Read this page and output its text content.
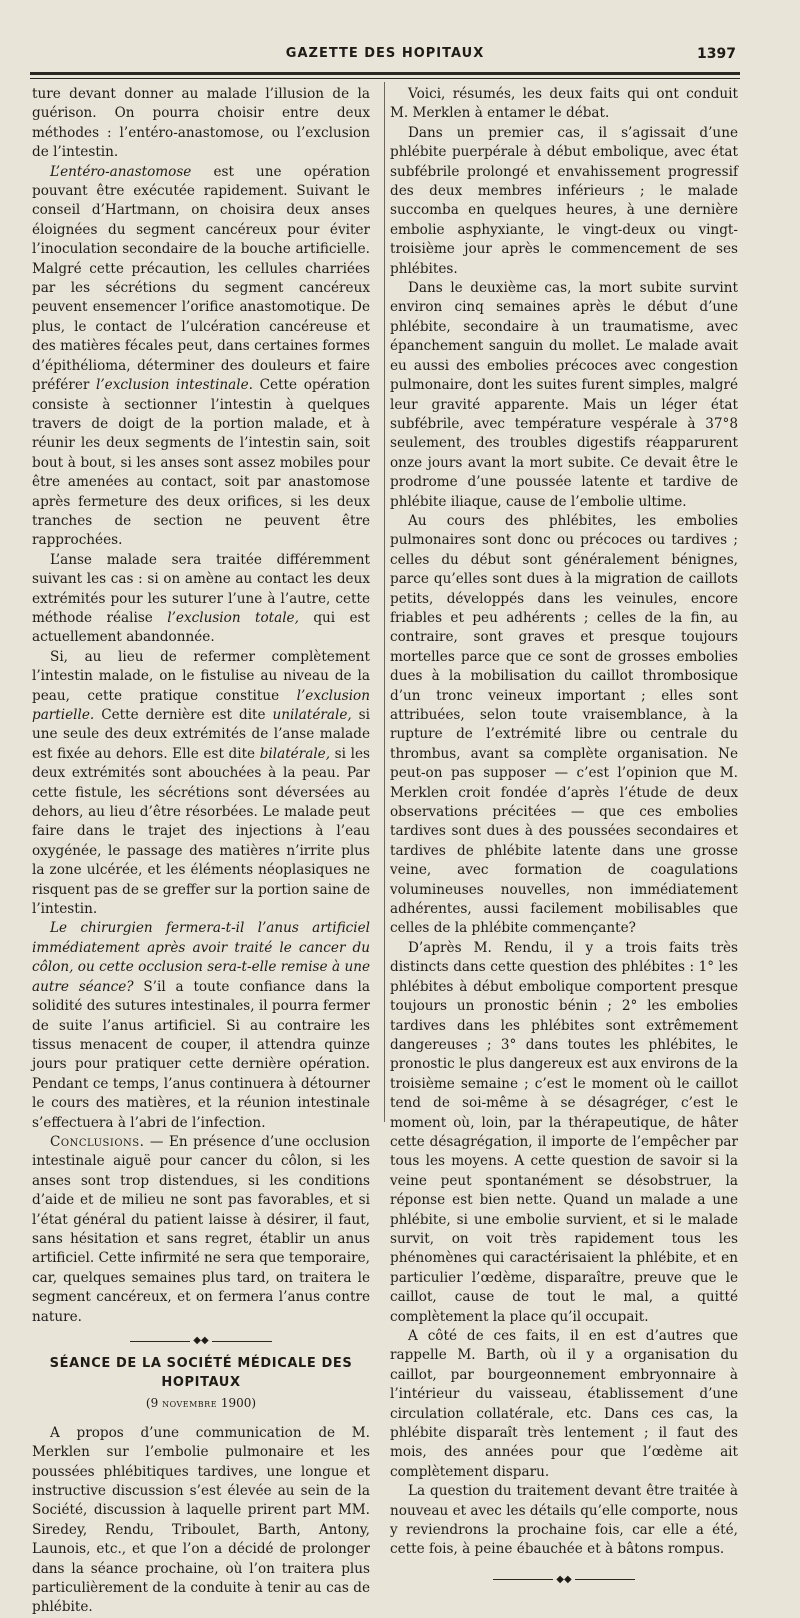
GAZETTE DES HOPITAUX	1397

ture devant donner au malade l’illusion de la guérison. On pourra choisir entre deux méthodes : l’entéro-anastomose, ou l’exclusion de l’intestin.

L’entéro-anastomose est une opération pouvant être exécutée rapidement. Suivant le conseil d’Hartmann, on choisira deux anses éloignées du segment cancéreux pour éviter l’inoculation secondaire de la bouche artificielle. Malgré cette précaution, les cellules charriées par les sécrétions du segment cancéreux peuvent ensemencer l’orifice anastomotique. De plus, le contact de l’ulcération cancéreuse et des matières fécales peut, dans certaines formes d’épithélioma, déterminer des douleurs et faire préférer l’exclusion intestinale. Cette opération consiste à sectionner l’intestin à quelques travers de doigt de la portion malade, et à réunir les deux segments de l’intestin sain, soit bout à bout, si les anses sont assez mobiles pour être amenées au contact, soit par anastomose après fermeture des deux orifices, si les deux tranches de section ne peuvent être rapprochées.

L’anse malade sera traitée différemment suivant les cas : si on amène au contact les deux extrémités pour les suturer l’une à l’autre, cette méthode réalise l’exclusion totale, qui est actuellement abandonnée.

Si, au lieu de refermer complètement l’intestin malade, on le fistulise au niveau de la peau, cette pratique constitue l’exclusion partielle. Cette dernière est dite unilatérale, si une seule des deux extrémités de l’anse malade est fixée au dehors. Elle est dite bilatérale, si les deux extrémités sont abouchées à la peau. Par cette fistule, les sécrétions sont déversées au dehors, au lieu d’être résorbées. Le malade peut faire dans le trajet des injections à l’eau oxygénée, le passage des matières n’irrite plus la zone ulcérée, et les éléments néoplasiques ne risquent pas de se greffer sur la portion saine de l’intestin.

Le chirurgien fermera-t-il l’anus artificiel immédiatement après avoir traité le cancer du côlon, ou cette occlusion sera-t-elle remise à une autre séance? S’il a toute confiance dans la solidité des sutures intestinales, il pourra fermer de suite l’anus artificiel. Si au contraire les tissus menacent de couper, il attendra quinze jours pour pratiquer cette dernière opération. Pendant ce temps, l’anus continuera à détourner le cours des matières, et la réunion intestinale s’effectuera à l’abri de l’infection.

Conclusions. — En présence d’une occlusion intestinale aiguë pour cancer du côlon, si les anses sont trop distendues, si les conditions d’aide et de milieu ne sont pas favorables, et si l’état général du patient laisse à désirer, il faut, sans hésitation et sans regret, établir un anus artificiel. Cette infirmité ne sera que temporaire, car, quelques semaines plus tard, on traitera le segment cancéreux, et on fermera l’anus contre nature.

◆◆
SÉANCE DE LA SOCIÉTÉ MÉDICALE DES HOPITAUX
(9 novembre 1900)

A propos d’une communication de M. Merklen sur l’embolie pulmonaire et les poussées phlébitiques tardives, une longue et instructive discussion s’est élevée au sein de la Société, discussion à laquelle prirent part MM. Siredey, Rendu, Triboulet, Barth, Antony, Launois, etc., et que l’on a décidé de prolonger dans la séance prochaine, où l’on traitera plus particulièrement de la conduite à tenir au cas de phlébite.

Voici, résumés, les deux faits qui ont conduit M. Merklen à entamer le débat.

Dans un premier cas, il s’agissait d’une phlébite puerpérale à début embolique, avec état subfébrile prolongé et envahissement progressif des deux membres inférieurs ; le malade succomba en quelques heures, à une dernière embolie asphyxiante, le vingt-deux ou vingt-troisième jour après le commencement de ses phlébites.

Dans le deuxième cas, la mort subite survint environ cinq semaines après le début d’une phlébite, secondaire à un traumatisme, avec épanchement sanguin du mollet. Le malade avait eu aussi des embolies précoces avec congestion pulmonaire, dont les suites furent simples, malgré leur gravité apparente. Mais un léger état subfébrile, avec température vespérale à 37°8 seulement, des troubles digestifs réapparurent onze jours avant la mort subite. Ce devait être le prodrome d’une poussée latente et tardive de phlébite iliaque, cause de l’embolie ultime.

Au cours des phlébites, les embolies pulmonaires sont donc ou précoces ou tardives ; celles du début sont généralement bénignes, parce qu’elles sont dues à la migration de caillots petits, développés dans les veinules, encore friables et peu adhérents ; celles de la fin, au contraire, sont graves et presque toujours mortelles parce que ce sont de grosses embolies dues à la mobilisation du caillot thrombosique d’un tronc veineux important ; elles sont attribuées, selon toute vraisemblance, à la rupture de l’extrémité libre ou centrale du thrombus, avant sa complète organisation. Ne peut-on pas supposer — c’est l’opinion que M. Merklen croit fondée d’après l’étude de deux observations précitées — que ces embolies tardives sont dues à des poussées secondaires et tardives de phlébite latente dans une grosse veine, avec formation de coagulations volumineuses nouvelles, non immédiatement adhérentes, aussi facilement mobilisables que celles de la phlébite commençante?

D’après M. Rendu, il y a trois faits très distincts dans cette question des phlébites : 1° les phlébites à début embolique comportent presque toujours un pronostic bénin ; 2° les embolies tardives dans les phlébites sont extrêmement dangereuses ; 3° dans toutes les phlébites, le pronostic le plus dangereux est aux environs de la troisième semaine ; c’est le moment où le caillot tend de soi-même à se désagréger, c’est le moment où, loin, par la thérapeutique, de hâter cette désagrégation, il importe de l’empêcher par tous les moyens. A cette question de savoir si la veine peut spontanément se désobstruer, la réponse est bien nette. Quand un malade a une phlébite, si une embolie survient, et si le malade survit, on voit très rapidement tous les phénomènes qui caractérisaient la phlébite, et en particulier l’œdème, disparaître, preuve que le caillot, cause de tout le mal, a quitté complètement la place qu’il occupait.

A côté de ces faits, il en est d’autres que rappelle M. Barth, où il y a organisation du caillot, par bourgeonnement embryonnaire à l’intérieur du vaisseau, établissement d’une circulation collatérale, etc. Dans ces cas, la phlébite disparaît très lentement ; il faut des mois, des années pour que l’œdème ait complètement disparu.

La question du traitement devant être traitée à nouveau et avec les détails qu’elle comporte, nous y reviendrons la prochaine fois, car elle a été, cette fois, à peine ébauchée et à bâtons rompus.

◆◆
